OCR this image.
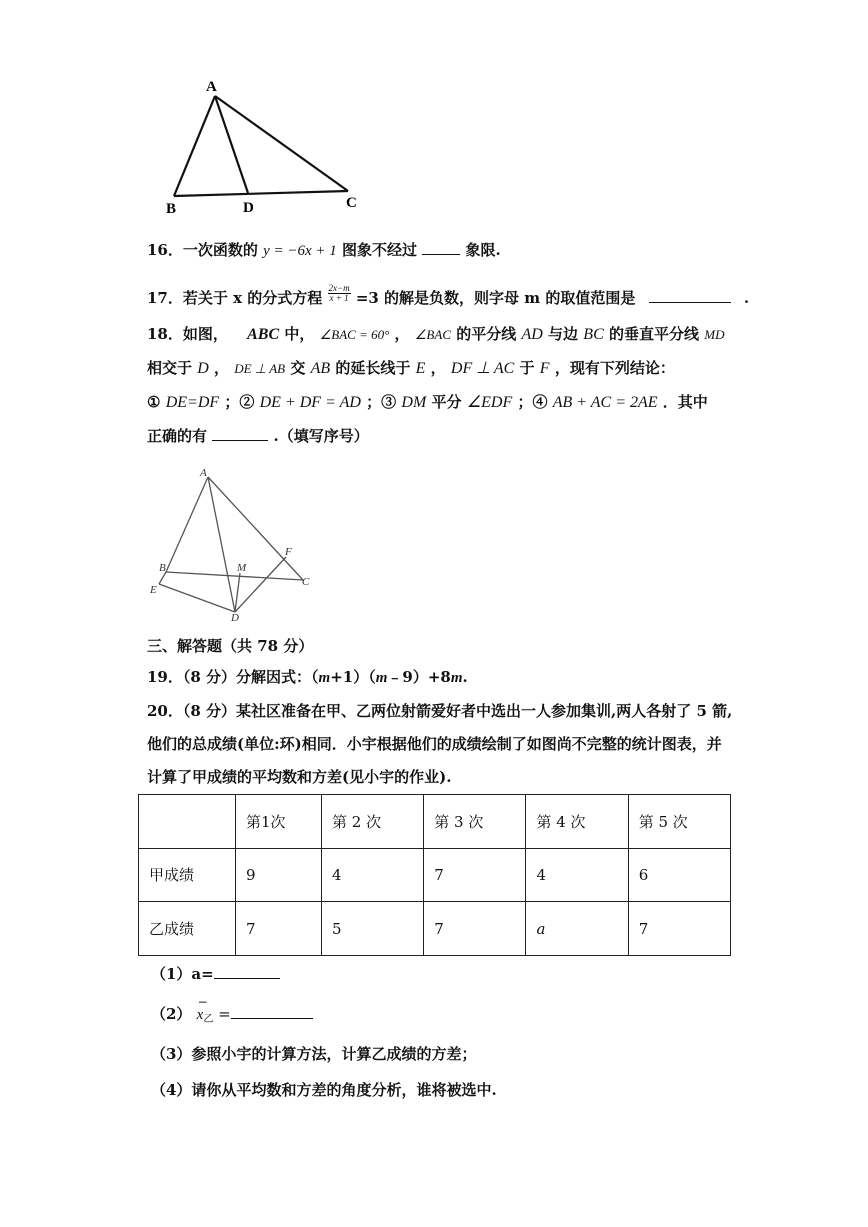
A
B	D	C
16．一次函数的 y = −6x + 1 图象不经过	象限.
17．若关于 x 的分式方程 $\frac{2x-m}{x + 1} =3$ 的解是负数，则字母 m 的取值范围是	.
18．如图， ABC 中， ∠BAC = 60° ， ∠BAC 的平分线 AD 与边 BC 的垂直平分线 MD
相交于 D ， DE ⊥ AB 交 AB 的延长线于 E ， DF ⊥ AC 于 F ，现有下列结论：
① DE=DF ；② DE + DF = AD ；③ DM 平分 ∠EDF ；④ AB + AC = 2AE ．其中
正确的有	.（填写序号）
A
B
E
M
F
C
D
三、解答题（共 78 分）
19．（8 分）分解因式：（m+1）（m﹣9）+8m.
20．（8 分）某社区准备在甲、乙两位射箭爱好者中选出一人参加集训,两人各射了 5 箭,
他们的总成绩(单位:环)相同．小宇根据他们的成绩绘制了如图尚不完整的统计图表，并
计算了甲成绩的平均数和方差(见小宇的作业).
	第1次	第 2 次	第 3 次	第 4 次	第 5 次
甲成绩	9	4	7	4	6
乙成绩	7	5	7	a	7
（1）a=
（2）
−
$x_乙$ =
（3）参照小宇的计算方法，计算乙成绩的方差；
（4）请你从平均数和方差的角度分析，谁将被选中.
